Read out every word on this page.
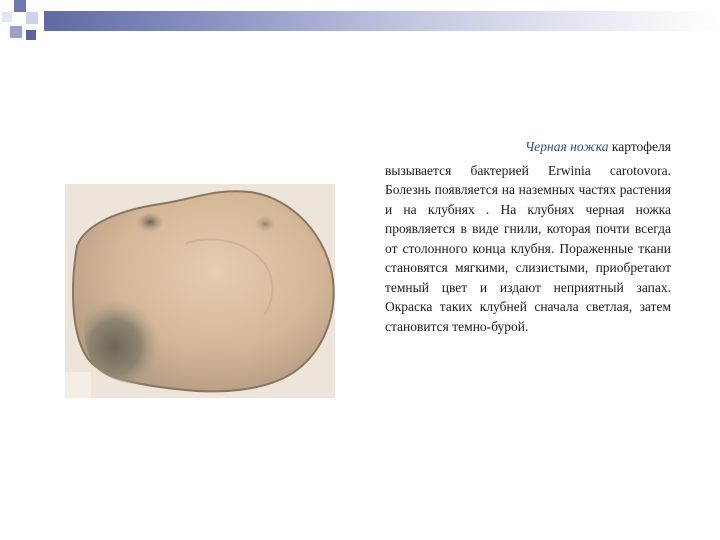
Черная ножка картофеля

вызывается бактерией Erwinia carotovora. Болезнь появляется на наземных частях растения и на клубнях . На клубнях черная ножка проявляется в виде гнили, которая почти всегда от столонного конца клубня. Пораженные ткани становятся мягкими, слизистыми, приобретают темный цвет и издают неприятный запах. Окраска таких клубней сначала светлая, затем становится темно-бурой.
